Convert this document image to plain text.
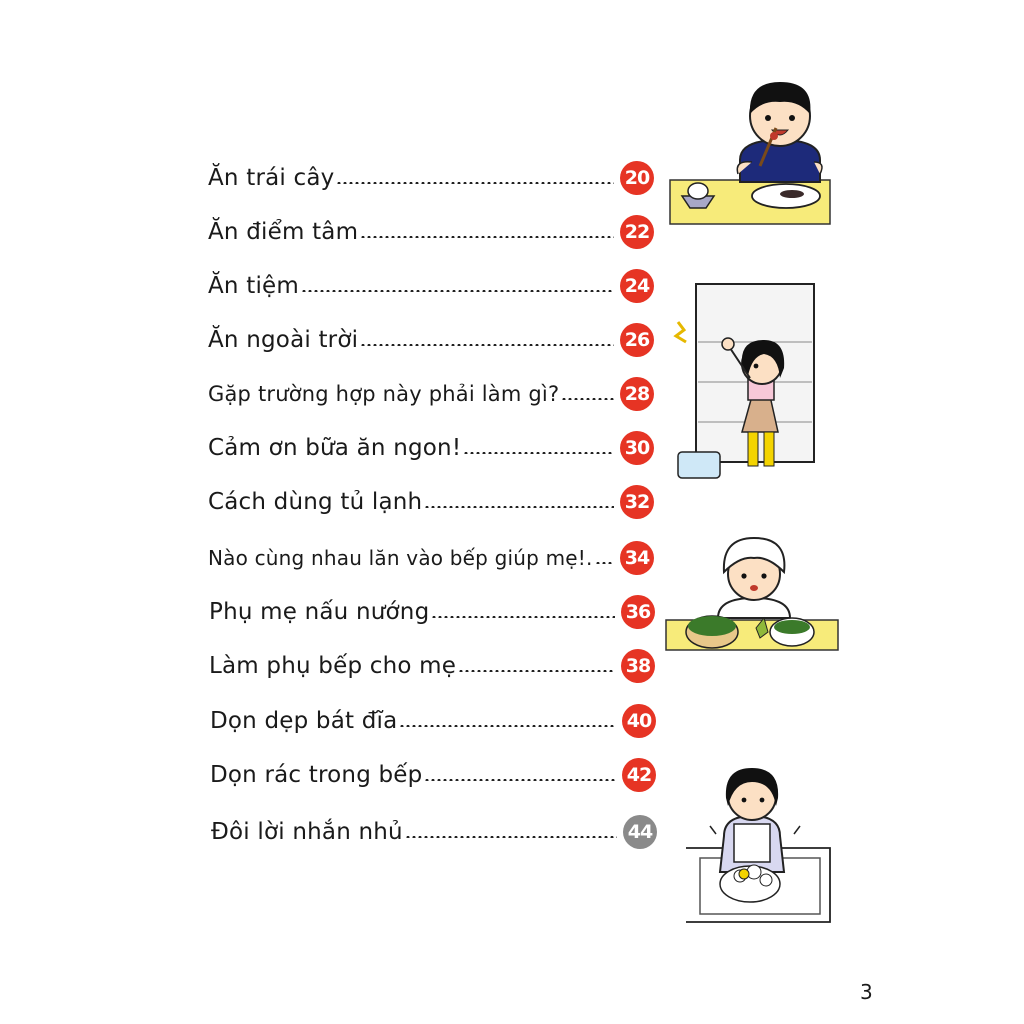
Ăn trái cây	20
Ăn điểm tâm	22
Ăn tiệm	24
Ăn ngoài trời	26
Gặp trường hợp này phải làm gì?	28
Cảm ơn bữa ăn ngon!	30
Cách dùng tủ lạnh	32
Nào cùng nhau lăn vào bếp giúp mẹ!. 34
Phụ mẹ nấu nướng	36
Làm phụ bếp cho mẹ	38
Dọn dẹp bát đĩa	40
Dọn rác trong bếp	42
Đôi lời nhắn nhủ	44
3
